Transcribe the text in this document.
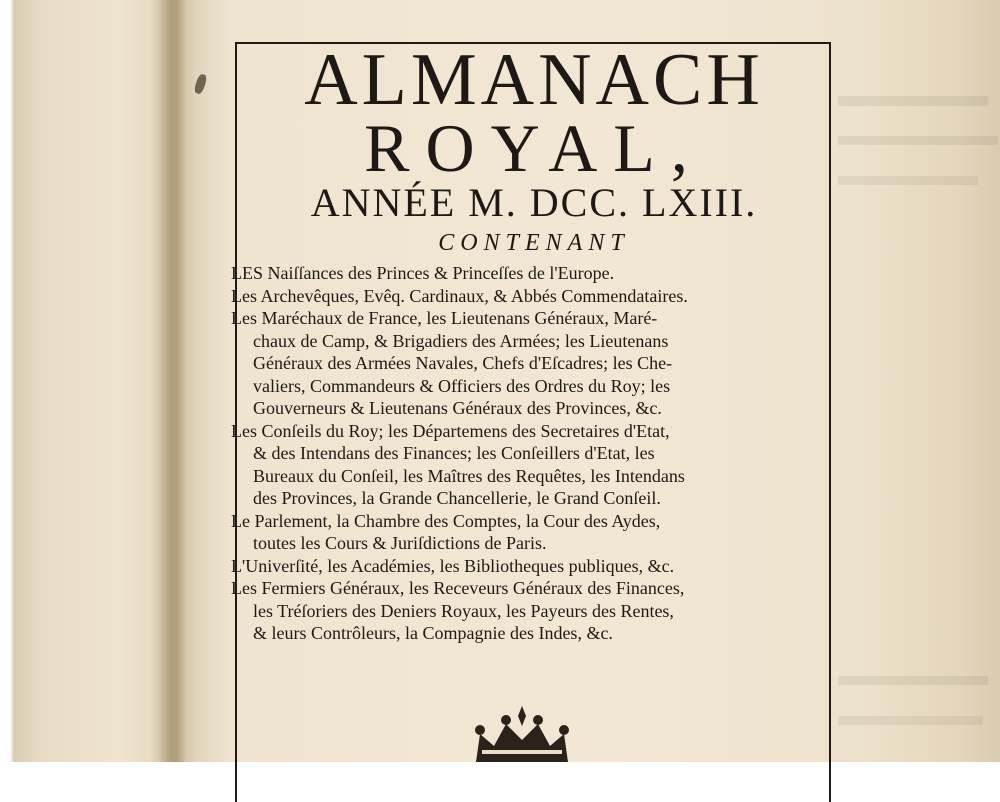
ALMANACH
ROYAL,
ANNÉE M. DCC. LXIII.
CONTENANT
LES Naiſſances des Princes & Princeſſes de l'Europe.
Les Archevêques, Evêq. Cardinaux, & Abbés Commendataires.
Les Maréchaux de France, les Lieutenans Généraux, Maré-
chaux de Camp, & Brigadiers des Armées; les Lieutenans
Généraux des Armées Navales, Chefs d'Eſcadres; les Che-
valiers, Commandeurs & Officiers des Ordres du Roy; les
Gouverneurs & Lieutenans Généraux des Provinces, &c.
Les Conſeils du Roy; les Départemens des Secretaires d'Etat,
& des Intendans des Finances; les Conſeillers d'Etat, les
Bureaux du Conſeil, les Maîtres des Requêtes, les Intendans
des Provinces, la Grande Chancellerie, le Grand Conſeil.
Le Parlement, la Chambre des Comptes, la Cour des Aydes,
toutes les Cours & Juriſdictions de Paris.
L'Univerſité, les Académies, les Bibliotheques publiques, &c.
Les Fermiers Généraux, les Receveurs Généraux des Finances,
les Tréſoriers des Deniers Royaux, les Payeurs des Rentes,
& leurs Contrôleurs, la Compagnie des Indes, &c.
